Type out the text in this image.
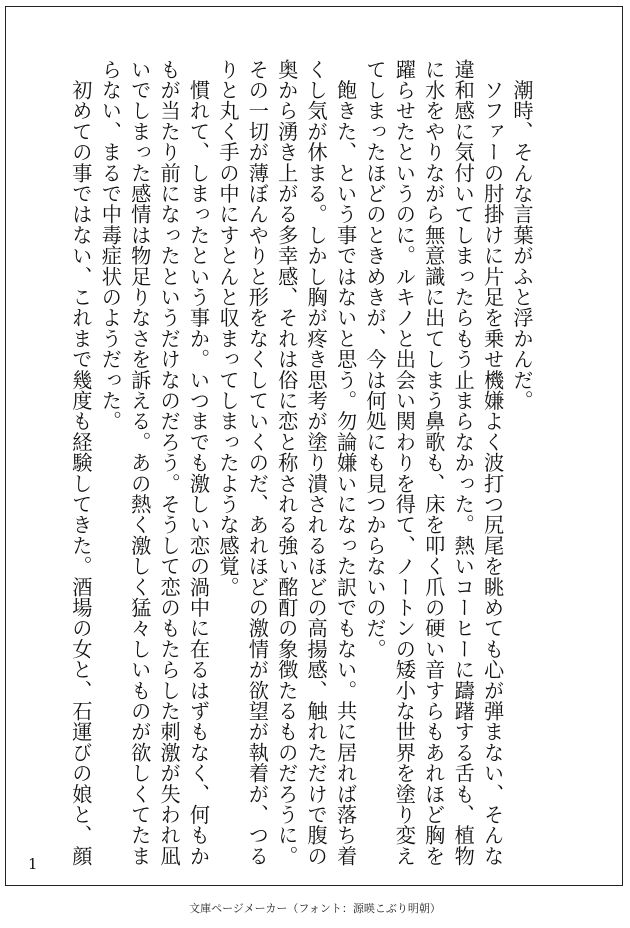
　潮時、そんな言葉がふと浮かんだ。

　ソファーの肘掛けに片足を乗せ機嫌よく波打つ尻尾を眺めても心が弾まない、そんな

違和感に気付いてしまったらもう止まらなかった。熱いコーヒーに躊躇する舌も、植物

に水をやりながら無意識に出てしまう鼻歌も、床を叩く爪の硬い音すらもあれほど胸を

躍らせたというのに。ルキノと出会い関わりを得て、ノートンの矮小な世界を塗り変え

てしまったほどのときめきが、今は何処にも見つからないのだ。

　飽きた、という事ではないと思う。勿論嫌いになった訳でもない。共に居れば落ち着

くし気が休まる。しかし胸が疼き思考が塗り潰されるほどの高揚感、触れただけで腹の

奥から湧き上がる多幸感、それは俗に恋と称される強い酩酊の象徴たるものだろうに。

その一切が薄ぼんやりと形をなくしていくのだ、あれほどの激情が欲望が執着が、つる

りと丸く手の中にすとんと収まってしまったような感覚。

　慣れて、しまったという事か。いつまでも激しい恋の渦中に在るはずもなく、何もか

もが当たり前になったというだけなのだろう。そうして恋のもたらした刺激が失われ凪

いでしまった感情は物足りなさを訴える。あの熱く激しく猛々しいものが欲しくてたま

らない、まるで中毒症状のようだった。

　初めての事ではない、これまで幾度も経験してきた。酒場の女と、石運びの娘と、顔

1
文庫ページメーカー（フォント：源暎こぶり明朝）
